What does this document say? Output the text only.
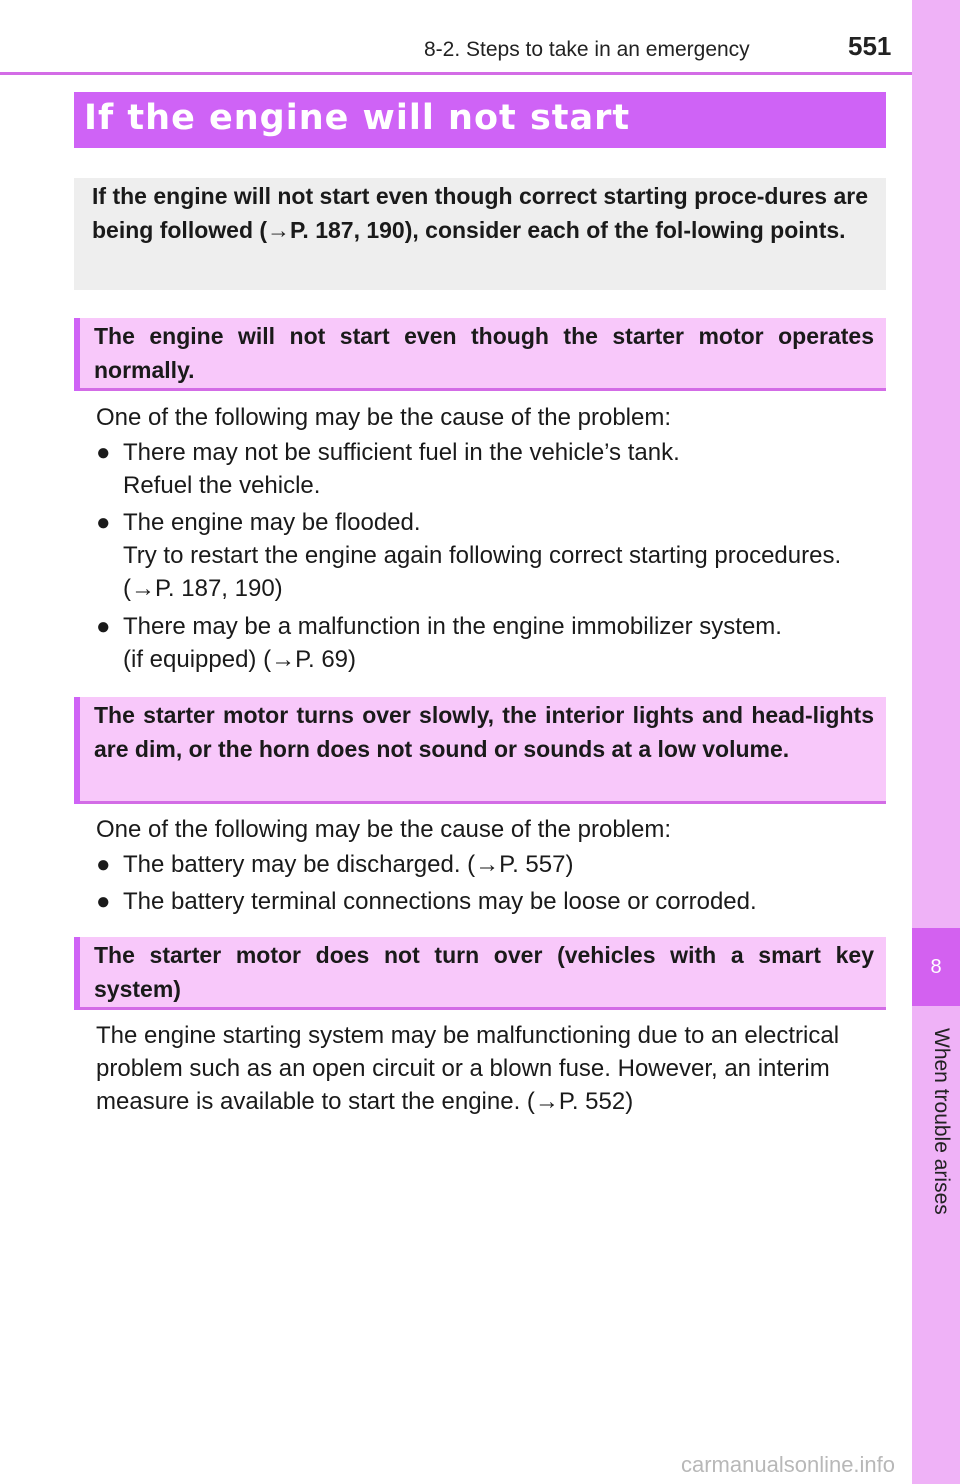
8-2. Steps to take in an emergency	551
8
When trouble arises
If the engine will not start
If the engine will not start even though correct starting proce-dures are being followed (→P. 187, 190), consider each of the fol-lowing points.
The engine will not start even though the starter motor operates normally.
One of the following may be the cause of the problem:
● There may not be sufficient fuel in the vehicle’s tank.
Refuel the vehicle.
● The engine may be flooded.
Try to restart the engine again following correct starting procedures. (→P. 187, 190)
● There may be a malfunction in the engine immobilizer system.
(if equipped) (→P. 69)
The starter motor turns over slowly, the interior lights and head-lights are dim, or the horn does not sound or sounds at a low volume.
One of the following may be the cause of the problem:
● The battery may be discharged. (→P. 557)
● The battery terminal connections may be loose or corroded.
The starter motor does not turn over (vehicles with a smart key system)
The engine starting system may be malfunctioning due to an electrical problem such as an open circuit or a blown fuse. However, an interim measure is available to start the engine. (→P. 552)
carmanualsonline.info
